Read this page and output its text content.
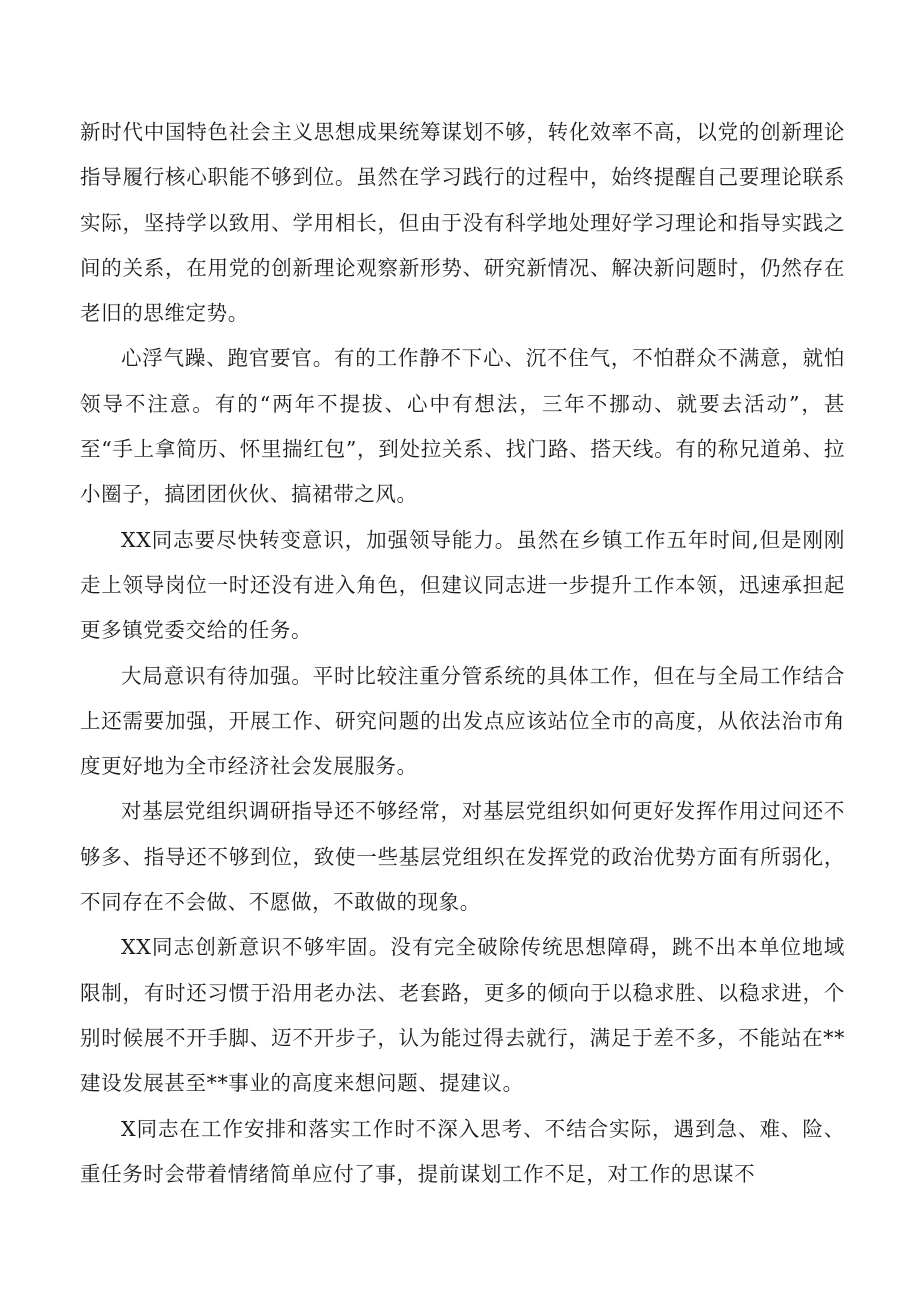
新时代中国特色社会主义思想成果统筹谋划不够，转化效率不高，以党的创新理论指导履行核心职能不够到位。虽然在学习践行的过程中，始终提醒自己要理论联系实际，坚持学以致用、学用相长，但由于没有科学地处理好学习理论和指导实践之间的关系，在用党的创新理论观察新形势、研究新情况、解决新问题时，仍然存在老旧的思维定势。

心浮气躁、跑官要官。有的工作静不下心、沉不住气，不怕群众不满意，就怕领导不注意。有的“两年不提拔、心中有想法，三年不挪动、就要去活动”，甚至“手上拿简历、怀里揣红包”，到处拉关系、找门路、搭天线。有的称兄道弟、拉小圈子，搞团团伙伙、搞裙带之风。

XX同志要尽快转变意识，加强领导能力。虽然在乡镇工作五年时间,但是刚刚走上领导岗位一时还没有进入角色，但建议同志进一步提升工作本领，迅速承担起更多镇党委交给的任务。

大局意识有待加强。平时比较注重分管系统的具体工作，但在与全局工作结合上还需要加强，开展工作、研究问题的出发点应该站位全市的高度，从依法治市角度更好地为全市经济社会发展服务。

对基层党组织调研指导还不够经常，对基层党组织如何更好发挥作用过问还不够多、指导还不够到位，致使一些基层党组织在发挥党的政治优势方面有所弱化，不同存在不会做、不愿做，不敢做的现象。

XX同志创新意识不够牢固。没有完全破除传统思想障碍，跳不出本单位地域限制，有时还习惯于沿用老办法、老套路，更多的倾向于以稳求胜、以稳求进，个别时候展不开手脚、迈不开步子，认为能过得去就行，满足于差不多，不能站在**建设发展甚至**事业的高度来想问题、提建议。

X同志在工作安排和落实工作时不深入思考、不结合实际，遇到急、难、险、重任务时会带着情绪简单应付了事，提前谋划工作不足，对工作的思谋不
